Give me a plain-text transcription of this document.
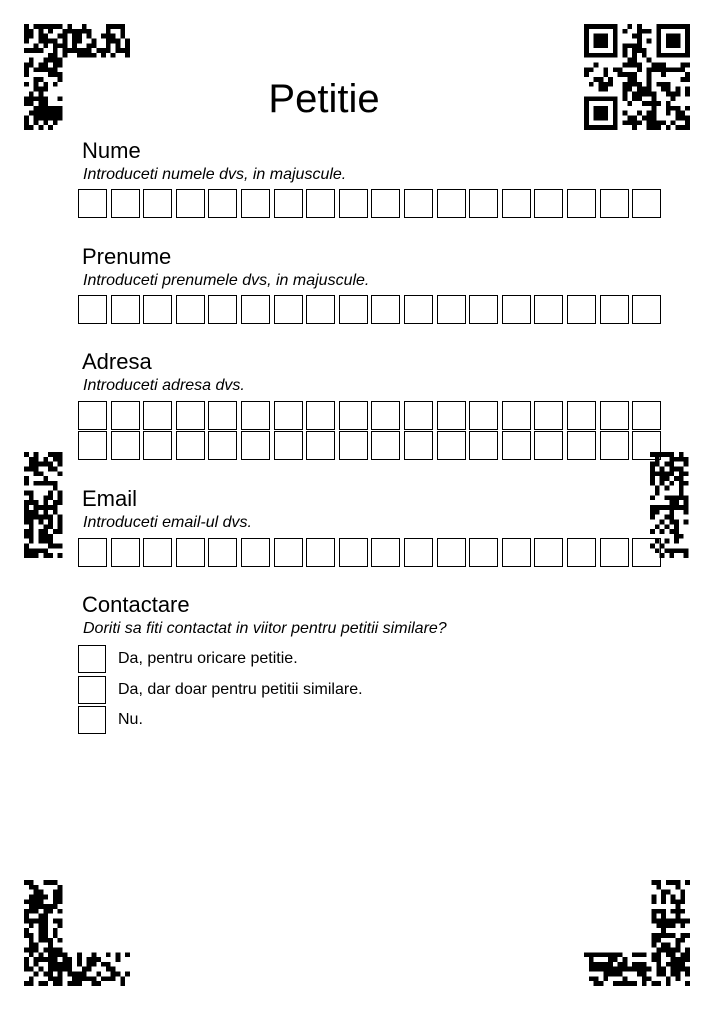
Petitie
Nume
Introduceti numele dvs, in majuscule.
Prenume
Introduceti prenumele dvs, in majuscule.
Adresa
Introduceti adresa dvs.
Email
Introduceti email-ul dvs.
Contactare
Doriti sa fiti contactat in viitor pentru petitii similare?
Da, pentru oricare petitie.
Da, dar doar pentru petitii similare.
Nu.
